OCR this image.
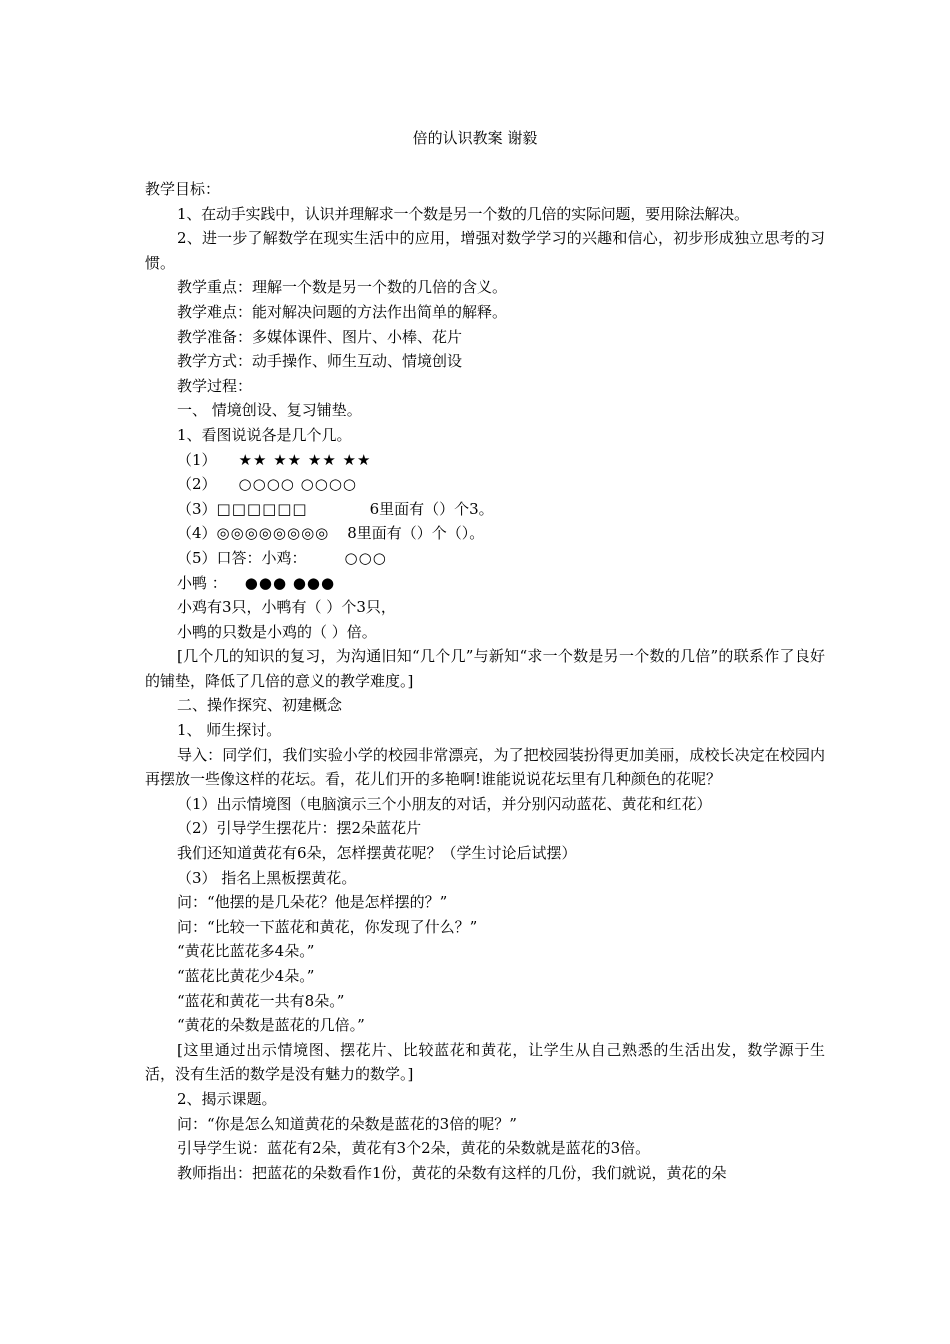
倍的认识教案 谢毅

教学目标：

1、在动手实践中，认识并理解求一个数是另一个数的几倍的实际问题，要用除法解决。

2、进一步了解数学在现实生活中的应用，增强对数学学习的兴趣和信心，初步形成独立思考的习惯。

教学重点：理解一个数是另一个数的几倍的含义。

教学难点：能对解决问题的方法作出简单的解释。

教学准备：多媒体课件、图片、小棒、花片

教学方式：动手操作、师生互动、情境创设

教学过程：

一、 情境创设、复习铺垫。

1、看图说说各是几个几。

（1） ★★ ★★ ★★ ★★

（2） ○○○○ ○○○○

（3）□□□□□□	6里面有（）个3。

（4）◎◎◎◎◎◎◎◎ 8里面有（）个（）。

（5）口答：小鸡：	○○○

小鸭 ： ●●● ●●●

小鸡有3只，小鸭有（ ）个3只，

小鸭的只数是小鸡的（ ）倍。

[几个几的知识的复习，为沟通旧知“几个几”与新知“求一个数是另一个数的几倍”的联系作了良好的铺垫，降低了几倍的意义的教学难度。]

二、操作探究、初建概念

1、 师生探讨。

导入：同学们，我们实验小学的校园非常漂亮，为了把校园装扮得更加美丽，成校长决定在校园内再摆放一些像这样的花坛。看，花儿们开的多艳啊!谁能说说花坛里有几种颜色的花呢？

（1）出示情境图（电脑演示三个小朋友的对话，并分别闪动蓝花、黄花和红花）

（2）引导学生摆花片：摆2朵蓝花片

我们还知道黄花有6朵，怎样摆黄花呢？（学生讨论后试摆）

（3） 指名上黑板摆黄花。

问：“他摆的是几朵花？他是怎样摆的？”

问：“比较一下蓝花和黄花，你发现了什么？”

“黄花比蓝花多4朵。”

“蓝花比黄花少4朵。”

“蓝花和黄花一共有8朵。”

“黄花的朵数是蓝花的几倍。”

[这里通过出示情境图、摆花片、比较蓝花和黄花，让学生从自己熟悉的生活出发，数学源于生活，没有生活的数学是没有魅力的数学。]

2、揭示课题。

问：“你是怎么知道黄花的朵数是蓝花的3倍的呢？”

引导学生说：蓝花有2朵，黄花有3个2朵，黄花的朵数就是蓝花的3倍。

教师指出：把蓝花的朵数看作1份，黄花的朵数有这样的几份，我们就说，黄花的朵
